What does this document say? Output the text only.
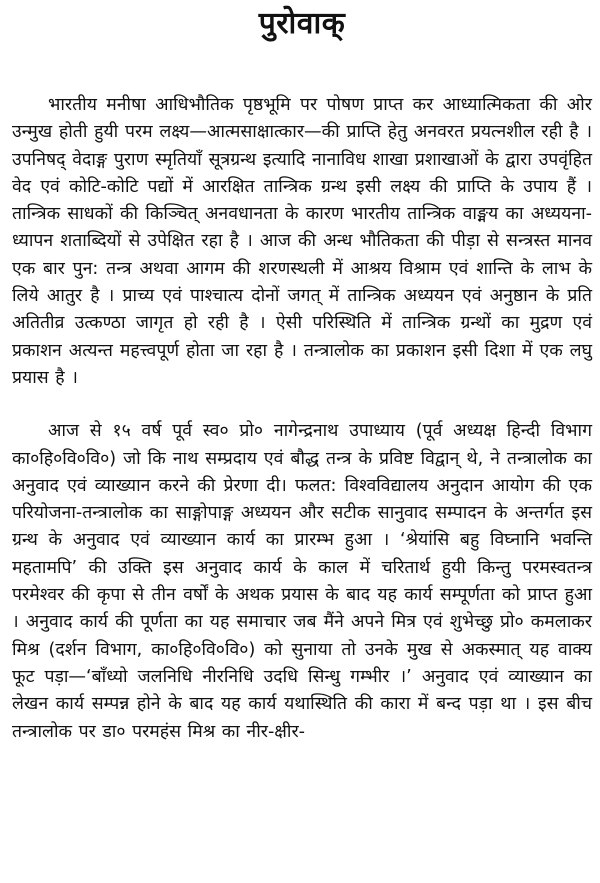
पुरोवाक्

भारतीय मनीषा आधिभौतिक पृष्ठभूमि पर पोषण प्राप्त कर आध्यात्मिकता की ओर उन्मुख होती हुयी परम लक्ष्य—आत्मसाक्षात्कार—की प्राप्ति हेतु अनवरत प्रयत्नशील रही है । उपनिषद् वेदाङ्ग पुराण स्मृतियाँ सूत्रग्रन्थ इत्यादि नानाविध शाखा प्रशाखाओं के द्वारा उपवृंहित वेद एवं कोटि-कोटि पद्यों में आरक्षित तान्त्रिक ग्रन्थ इसी लक्ष्य की प्राप्ति के उपाय हैं । तान्त्रिक साधकों की किञ्चित् अनवधानता के कारण भारतीय तान्त्रिक वाङ्मय का अध्ययना-ध्यापन शताब्दियों से उपेक्षित रहा है । आज की अन्ध भौतिकता की पीड़ा से सन्त्रस्त मानव एक बार पुन: तन्त्र अथवा आगम की शरणस्थली में आश्रय विश्राम एवं शान्ति के लाभ के लिये आतुर है । प्राच्य एवं पाश्चात्य दोनों जगत् में तान्त्रिक अध्ययन एवं अनुष्ठान के प्रति अतितीव्र उत्कण्ठा जागृत हो रही है । ऐसी परिस्थिति में तान्त्रिक ग्रन्थों का मुद्रण एवं प्रकाशन अत्यन्त महत्त्वपूर्ण होता जा रहा है । तन्त्रालोक का प्रकाशन इसी दिशा में एक लघु प्रयास है ।

आज से १५ वर्ष पूर्व स्व० प्रो० नागेन्द्रनाथ उपाध्याय (पूर्व अध्यक्ष हिन्दी विभाग का०हि०वि०वि०) जो कि नाथ सम्प्रदाय एवं बौद्ध तन्त्र के प्रविष्ट विद्वान् थे, ने तन्त्रालोक का अनुवाद एवं व्याख्यान करने की प्रेरणा दी। फलत: विश्वविद्यालय अनुदान आयोग की एक परियोजना-तन्त्रालोक का साङ्गोपाङ्ग अध्ययन और सटीक सानुवाद सम्पादन के अन्तर्गत इस ग्रन्थ के अनुवाद एवं व्याख्यान कार्य का प्रारम्भ हुआ । ‘श्रेयांसि बहु विघ्नानि भवन्ति महतामपि’ की उक्ति इस अनुवाद कार्य के काल में चरितार्थ हुयी किन्तु परमस्वतन्त्र परमेश्वर की कृपा से तीन वर्षों के अथक प्रयास के बाद यह कार्य सम्पूर्णता को प्राप्त हुआ । अनुवाद कार्य की पूर्णता का यह समाचार जब मैंने अपने मित्र एवं शुभेच्छु प्रो० कमलाकर मिश्र (दर्शन विभाग, का०हि०वि०वि०) को सुनाया तो उनके मुख से अकस्मात् यह वाक्य फूट पड़ा—‘बाँध्यो जलनिधि नीरनिधि उदधि सिन्धु गम्भीर ।’ अनुवाद एवं व्याख्यान का लेखन कार्य सम्पन्न होने के बाद यह कार्य यथास्थिति की कारा में बन्द पड़ा था । इस बीच तन्त्रालोक पर डा० परमहंस मिश्र का नीर-क्षीर-
